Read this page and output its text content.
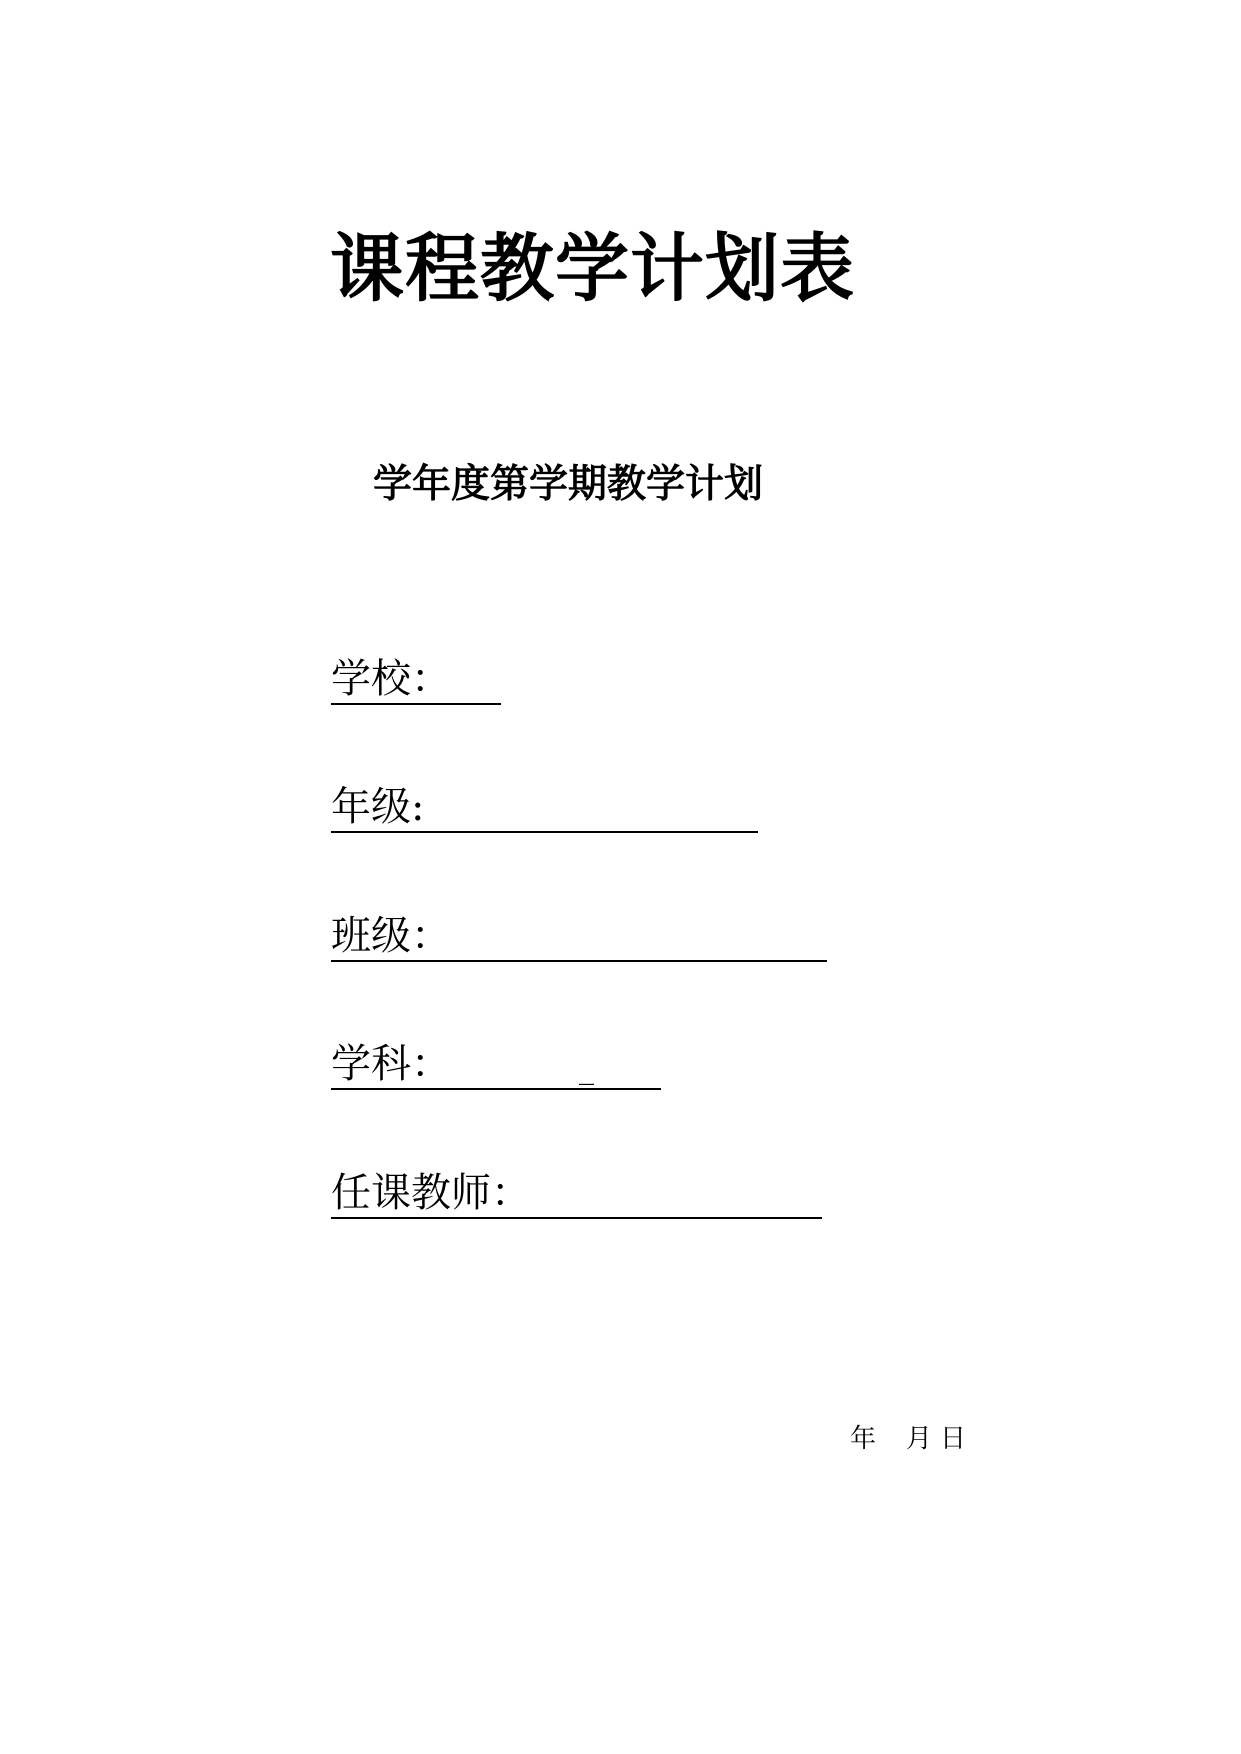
课程教学计划表
学年度第学期教学计划
学校：
年级:
班级：
学科：	_
任课教师：
年 月 日
